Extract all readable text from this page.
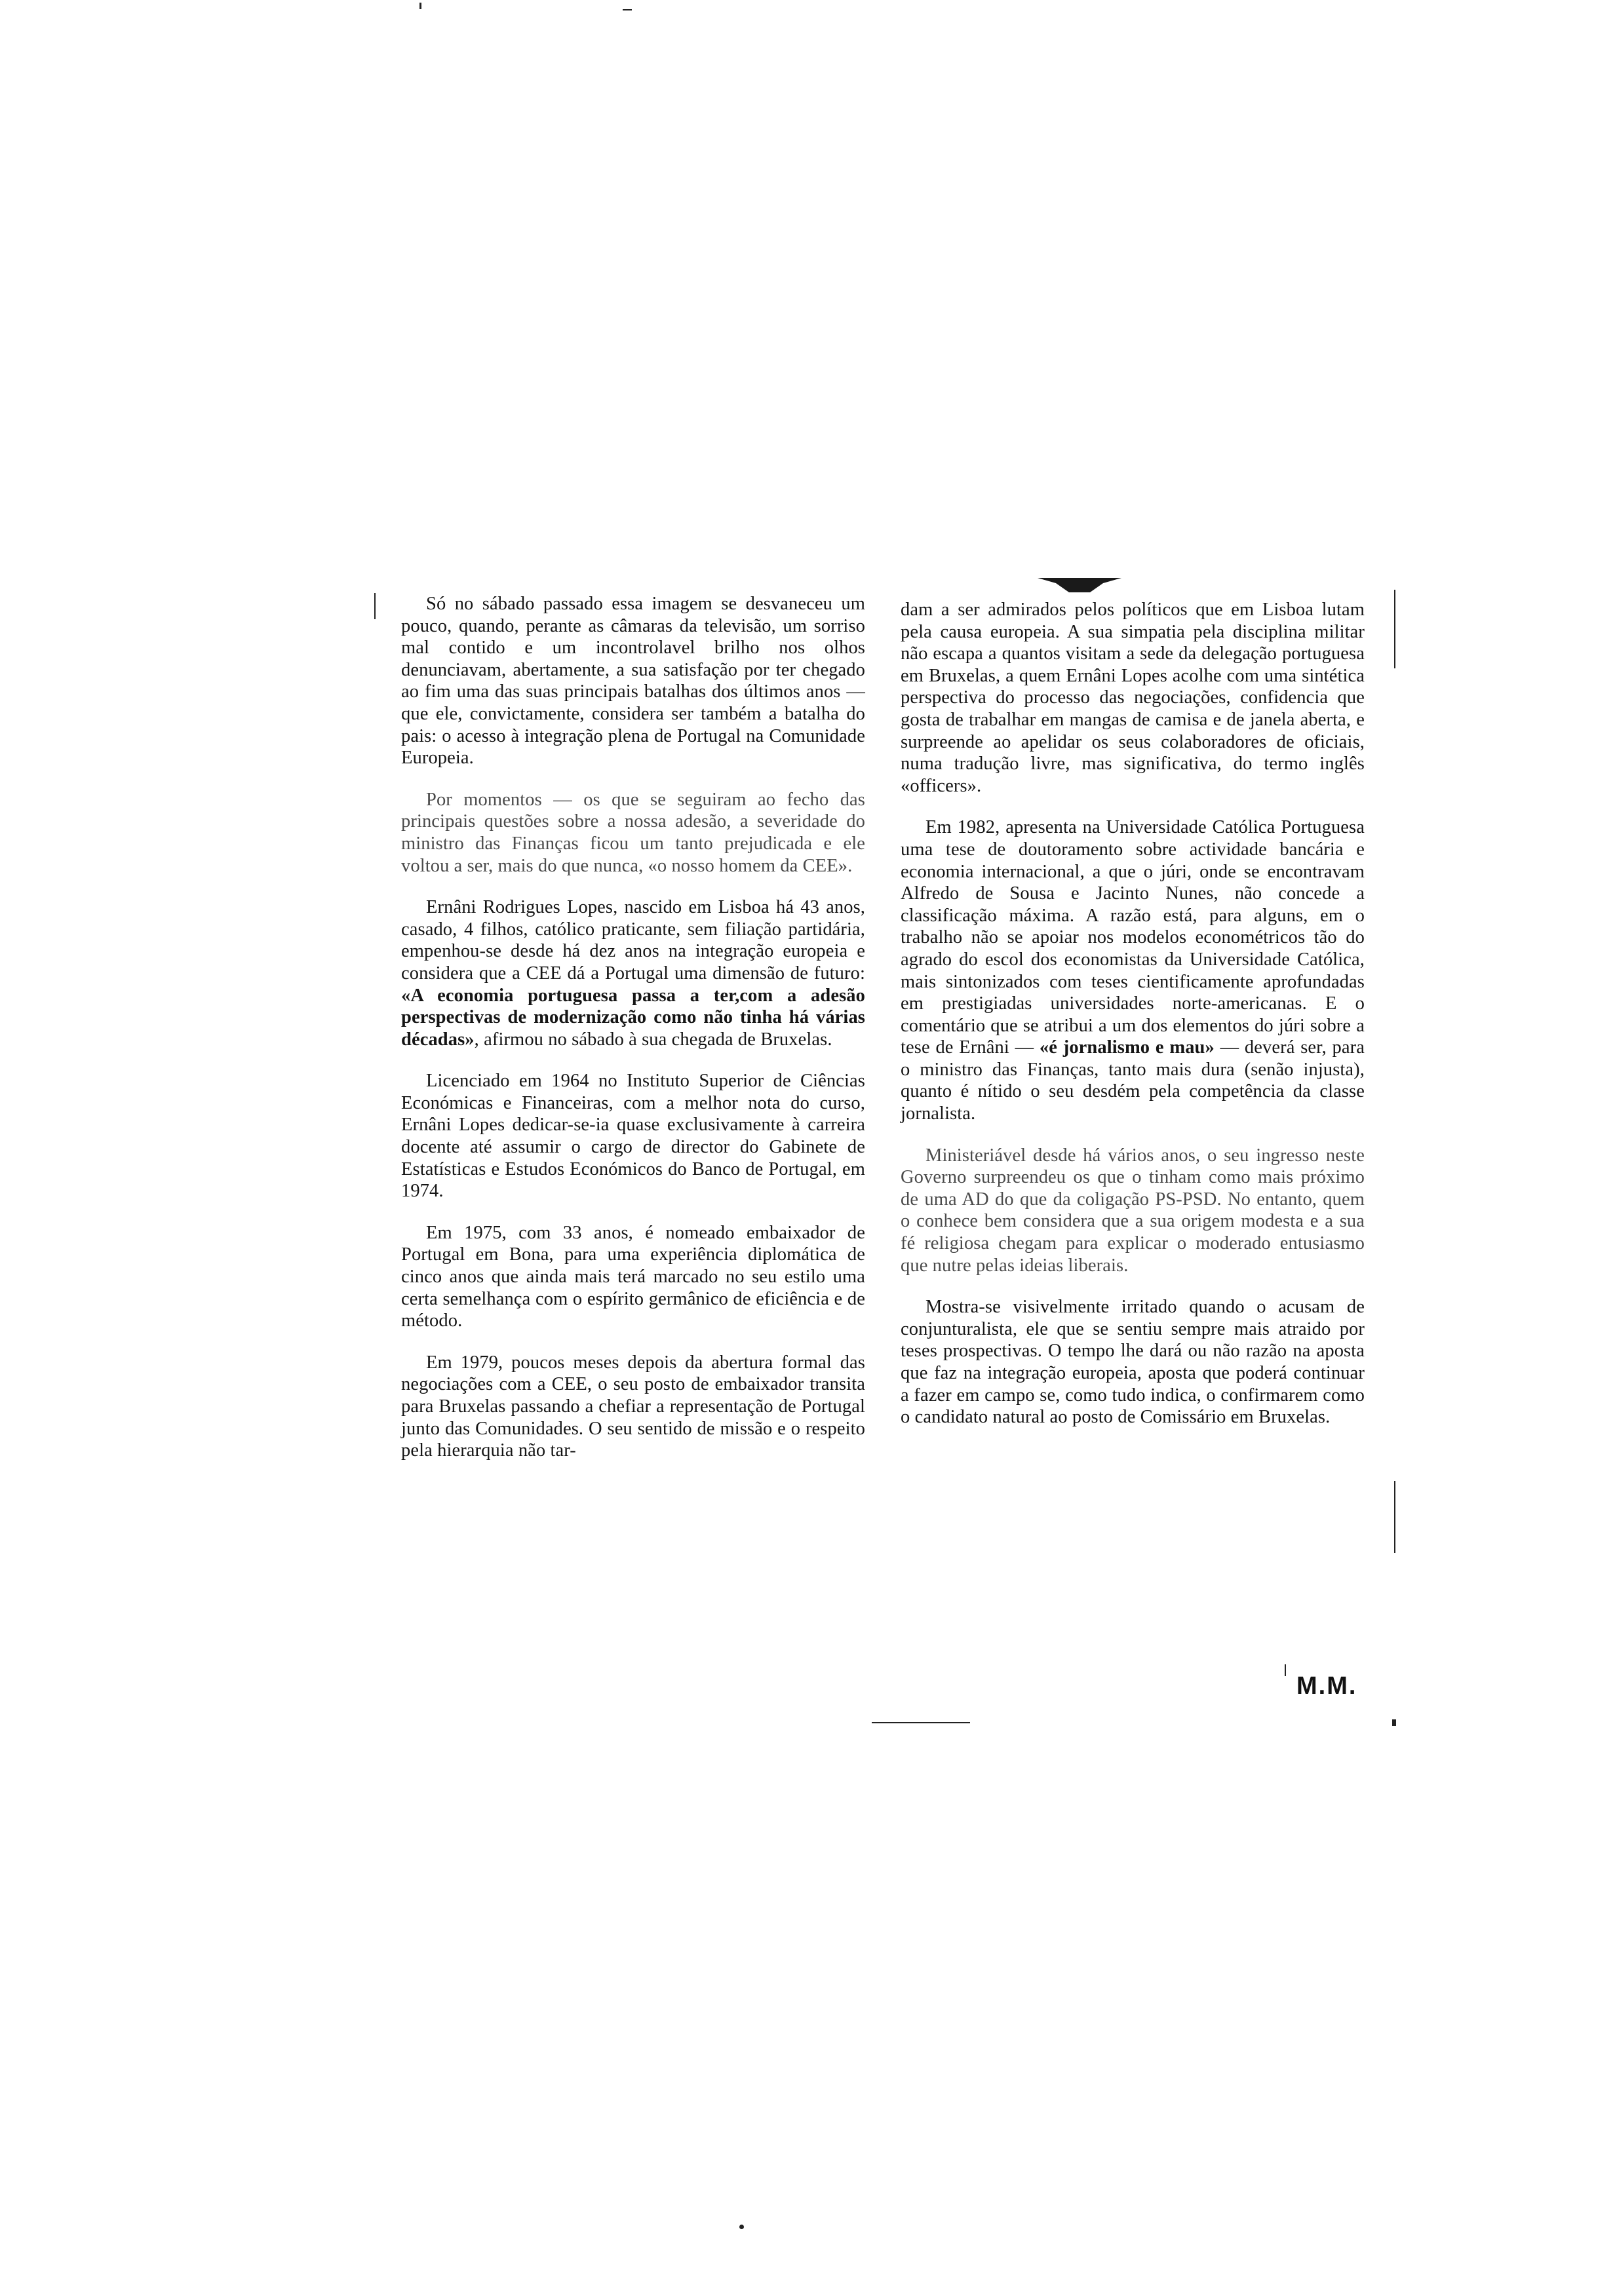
Só no sábado passado essa imagem se desvaneceu um pouco, quando, perante as câmaras da televisão, um sorriso mal contido e um incontrolavel brilho nos olhos denunciavam, abertamente, a sua satisfação por ter chegado ao fim uma das suas principais batalhas dos últimos anos — que ele, convictamente, considera ser também a batalha do pais: o acesso à integração plena de Portugal na Comunidade Europeia.

Por momentos — os que se seguiram ao fecho das principais questões sobre a nossa adesão, a severidade do ministro das Finanças ficou um tanto prejudicada e ele voltou a ser, mais do que nunca, «o nosso homem da CEE».

Ernâni Rodrigues Lopes, nascido em Lisboa há 43 anos, casado, 4 filhos, católico praticante, sem filiação partidária, empenhou-se desde há dez anos na integração europeia e considera que a CEE dá a Portugal uma dimensão de futuro: «A economia portuguesa passa a ter,com a adesão perspectivas de modernização como não tinha há várias décadas», afirmou no sábado à sua chegada de Bruxelas.

Licenciado em 1964 no Instituto Superior de Ciências Económicas e Financeiras, com a melhor nota do curso, Ernâni Lopes dedicar-se-ia quase exclusivamente à carreira docente até assumir o cargo de director do Gabinete de Estatísticas e Estudos Económicos do Banco de Portugal, em 1974.

Em 1975, com 33 anos, é nomeado embaixador de Portugal em Bona, para uma experiência diplomática de cinco anos que ainda mais terá marcado no seu estilo uma certa semelhança com o espírito germânico de eficiência e de método.

Em 1979, poucos meses depois da abertura formal das negociações com a CEE, o seu posto de embaixador transita para Bruxelas passando a chefiar a representação de Portugal junto das Comunidades. O seu sentido de missão e o respeito pela hierarquia não tar-

dam a ser admirados pelos políticos que em Lisboa lutam pela causa europeia. A sua simpatia pela disciplina militar não escapa a quantos visitam a sede da delegação portuguesa em Bruxelas, a quem Ernâni Lopes acolhe com uma sintética perspectiva do processo das negociações, confidencia que gosta de trabalhar em mangas de camisa e de janela aberta, e surpreende ao apelidar os seus colaboradores de oficiais, numa tradução livre, mas significativa, do termo inglês «officers».

Em 1982, apresenta na Universidade Católica Portuguesa uma tese de doutoramento sobre actividade bancária e economia internacional, a que o júri, onde se encontravam Alfredo de Sousa e Jacinto Nunes, não concede a classificação máxima. A razão está, para alguns, em o trabalho não se apoiar nos modelos econométricos tão do agrado do escol dos economistas da Universidade Católica, mais sintonizados com teses cientificamente aprofundadas em prestigiadas universidades norte-americanas. E o comentário que se atribui a um dos elementos do júri sobre a tese de Ernâni — «é jornalismo e mau» — deverá ser, para o ministro das Finanças, tanto mais dura (senão injusta), quanto é nítido o seu desdém pela competência da classe jornalista.

Ministeriável desde há vários anos, o seu ingresso neste Governo surpreendeu os que o tinham como mais próximo de uma AD do que da coligação PS-PSD. No entanto, quem o conhece bem considera que a sua origem modesta e a sua fé religiosa chegam para explicar o moderado entusiasmo que nutre pelas ideias liberais.

Mostra-se visivelmente irritado quando o acusam de conjunturalista, ele que se sentiu sempre mais atraido por teses prospectivas. O tempo lhe dará ou não razão na aposta que faz na integração europeia, aposta que poderá continuar a fazer em campo se, como tudo indica, o confirmarem como o candidato natural ao posto de Comissário em Bruxelas.

M.M.
